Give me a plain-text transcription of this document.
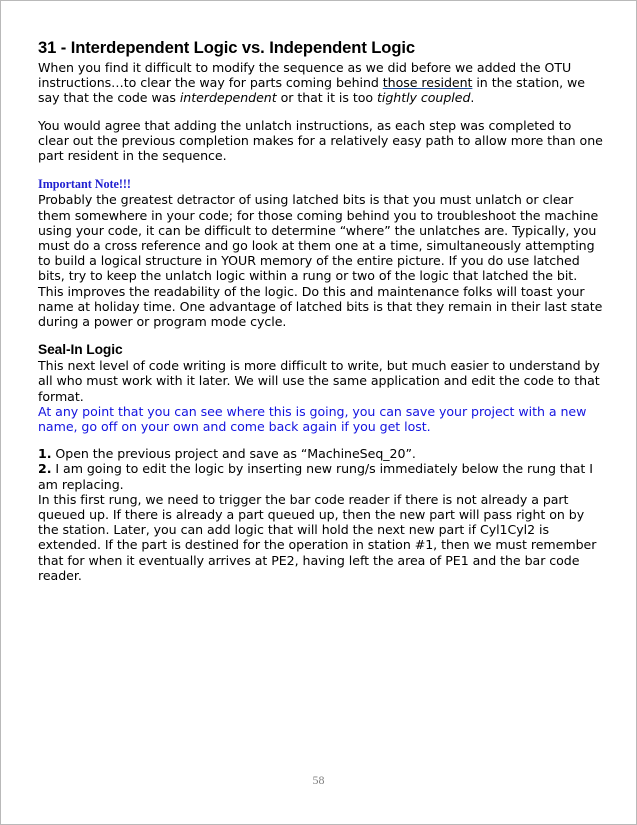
31 - Interdependent Logic vs. Independent Logic

When you find it difficult to modify the sequence as we did before we added the OTU instructions…to clear the way for parts coming behind those resident in the station, we say that the code was interdependent or that it is too tightly coupled.

You would agree that adding the unlatch instructions, as each step was completed to clear out the previous completion makes for a relatively easy path to allow more than one part resident in the sequence.

Important Note!!!

Probably the greatest detractor of using latched bits is that you must unlatch or clear them somewhere in your code; for those coming behind you to troubleshoot the machine using your code, it can be difficult to determine “where” the unlatches are. Typically, you must do a cross reference and go look at them one at a time, simultaneously attempting to build a logical structure in YOUR memory of the entire picture. If you do use latched bits, try to keep the unlatch logic within a rung or two of the logic that latched the bit. This improves the readability of the logic. Do this and maintenance folks will toast your name at holiday time. One advantage of latched bits is that they remain in their last state during a power or program mode cycle.

Seal-In Logic

This next level of code writing is more difficult to write, but much easier to understand by all who must work with it later. We will use the same application and edit the code to that format.

At any point that you can see where this is going, you can save your project with a new name, go off on your own and come back again if you get lost.

1. Open the previous project and save as “MachineSeq_20”.

2. I am going to edit the logic by inserting new rung/s immediately below the rung that I am replacing.

In this first rung, we need to trigger the bar code reader if there is not already a part queued up. If there is already a part queued up, then the new part will pass right on by the station. Later, you can add logic that will hold the next new part if Cyl1Cyl2 is extended. If the part is destined for the operation in station #1, then we must remember that for when it eventually arrives at PE2, having left the area of PE1 and the bar code reader.

58
